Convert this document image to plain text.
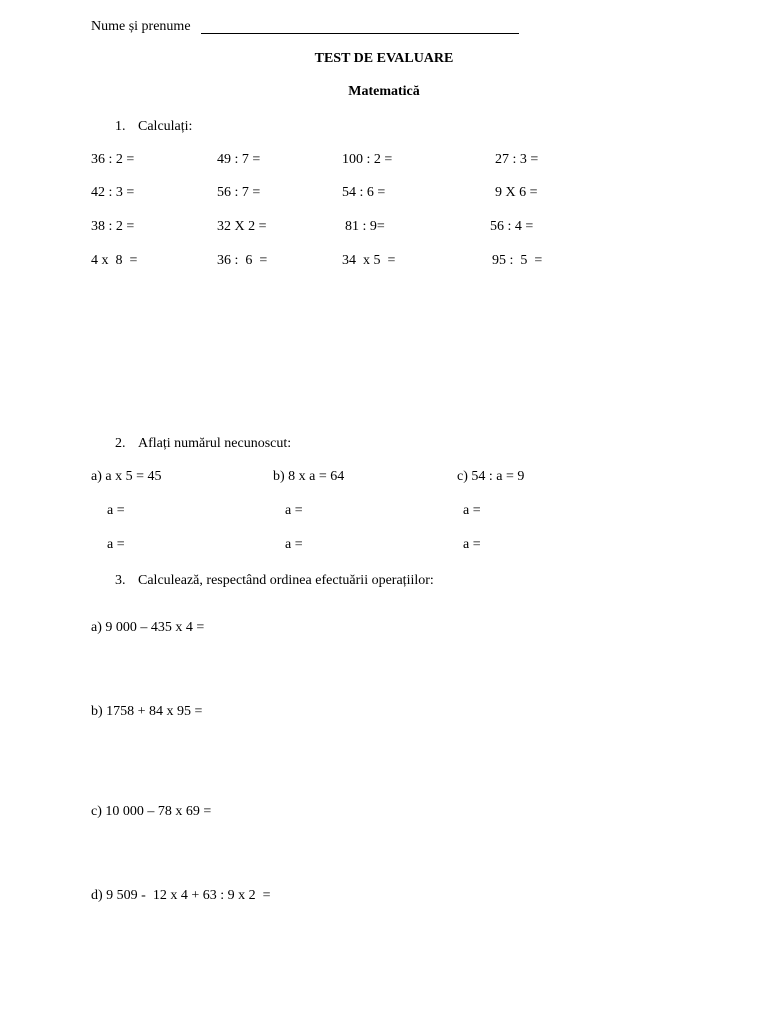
Nume și prenume
TEST DE EVALUARE
Matematică
1. Calculați:
36 : 2 =	49 : 7 =	100 : 2 =	27 : 3 =
42 : 3 =	56 : 7 =	54 : 6 =	9 X 6 =
38 : 2 =	32 X 2 =	81 : 9=	56 : 4 =
4 x  8  =	36 :  6  =	34  x 5  =	95 :  5  =
2. Aflați numărul necunoscut:
a) a x 5 = 45	b) 8 x a = 64	c) 54 : a = 9
a =	a =	a =
a =	a =	a =
3. Calculează, respectând ordinea efectuării operațiilor:
a) 9 000 – 435 x 4 =
b) 1758 + 84 x 95 =
c) 10 000 – 78 x 69 =
d) 9 509 -  12 x 4 + 63 : 9 x 2  =
